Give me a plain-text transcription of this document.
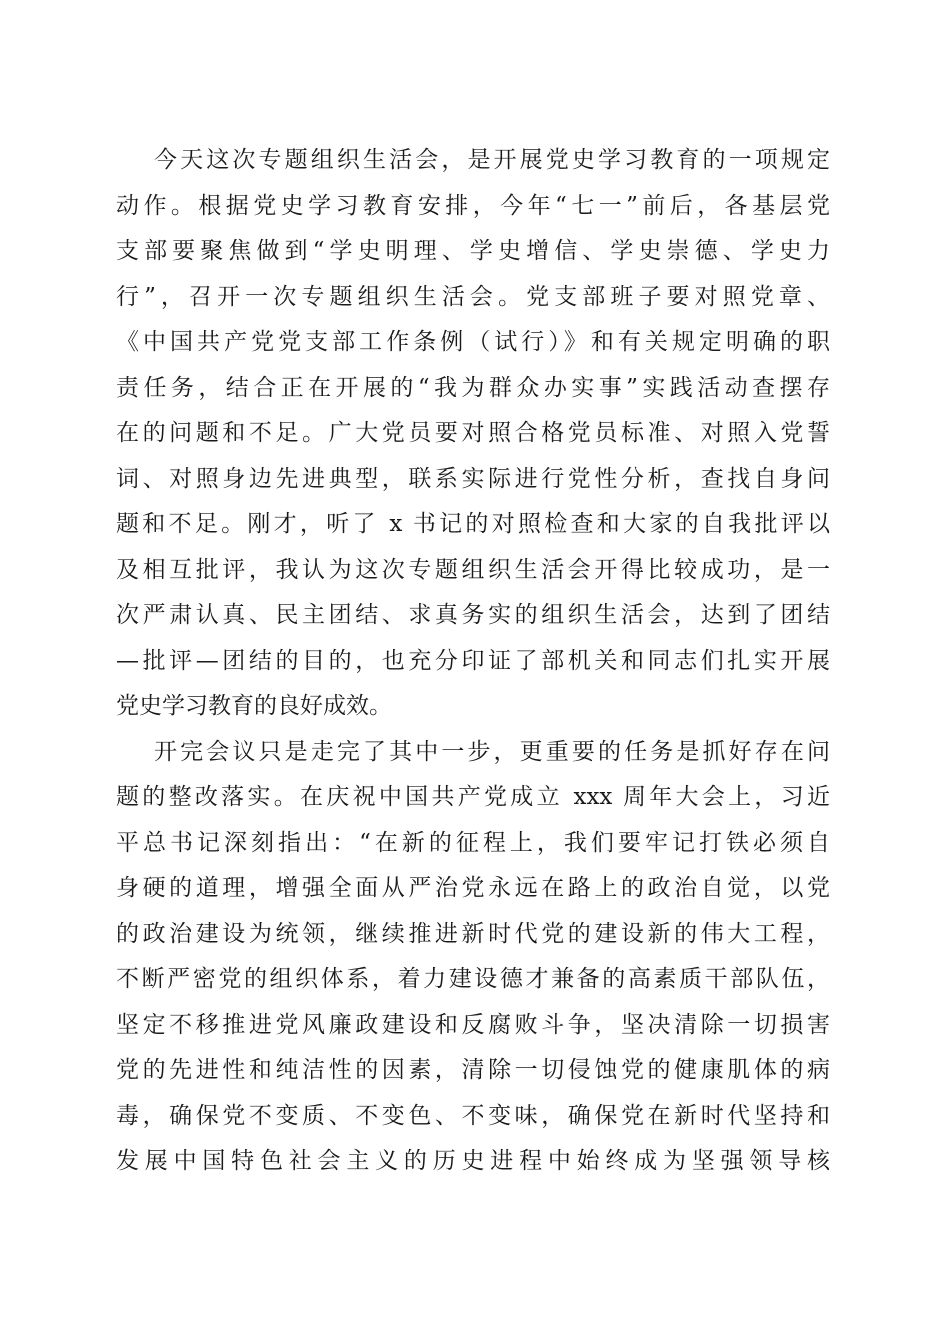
今天这次专题组织生活会，是开展党史学习教育的一项规定
动作。根据党史学习教育安排，今年“七一”前后，各基层党
支部要聚焦做到“学史明理、学史增信、学史崇德、学史力
行”，召开一次专题组织生活会。党支部班子要对照党章、
《中国共产党党支部工作条例（试行）》和有关规定明确的职
责任务，结合正在开展的“我为群众办实事”实践活动查摆存
在的问题和不足。广大党员要对照合格党员标准、对照入党誓
词、对照身边先进典型，联系实际进行党性分析，查找自身问
题和不足。刚才，听了 x 书记的对照检查和大家的自我批评以
及相互批评，我认为这次专题组织生活会开得比较成功，是一
次严肃认真、民主团结、求真务实的组织生活会，达到了团结
—批评—团结的目的，也充分印证了部机关和同志们扎实开展
党史学习教育的良好成效。
开完会议只是走完了其中一步，更重要的任务是抓好存在问
题的整改落实。在庆祝中国共产党成立 xxx 周年大会上，习近
平总书记深刻指出：“在新的征程上，我们要牢记打铁必须自
身硬的道理，增强全面从严治党永远在路上的政治自觉，以党
的政治建设为统领，继续推进新时代党的建设新的伟大工程，
不断严密党的组织体系，着力建设德才兼备的高素质干部队伍，
坚定不移推进党风廉政建设和反腐败斗争，坚决清除一切损害
党的先进性和纯洁性的因素，清除一切侵蚀党的健康肌体的病
毒，确保党不变质、不变色、不变味，确保党在新时代坚持和
发展中国特色社会主义的历史进程中始终成为坚强领导核
